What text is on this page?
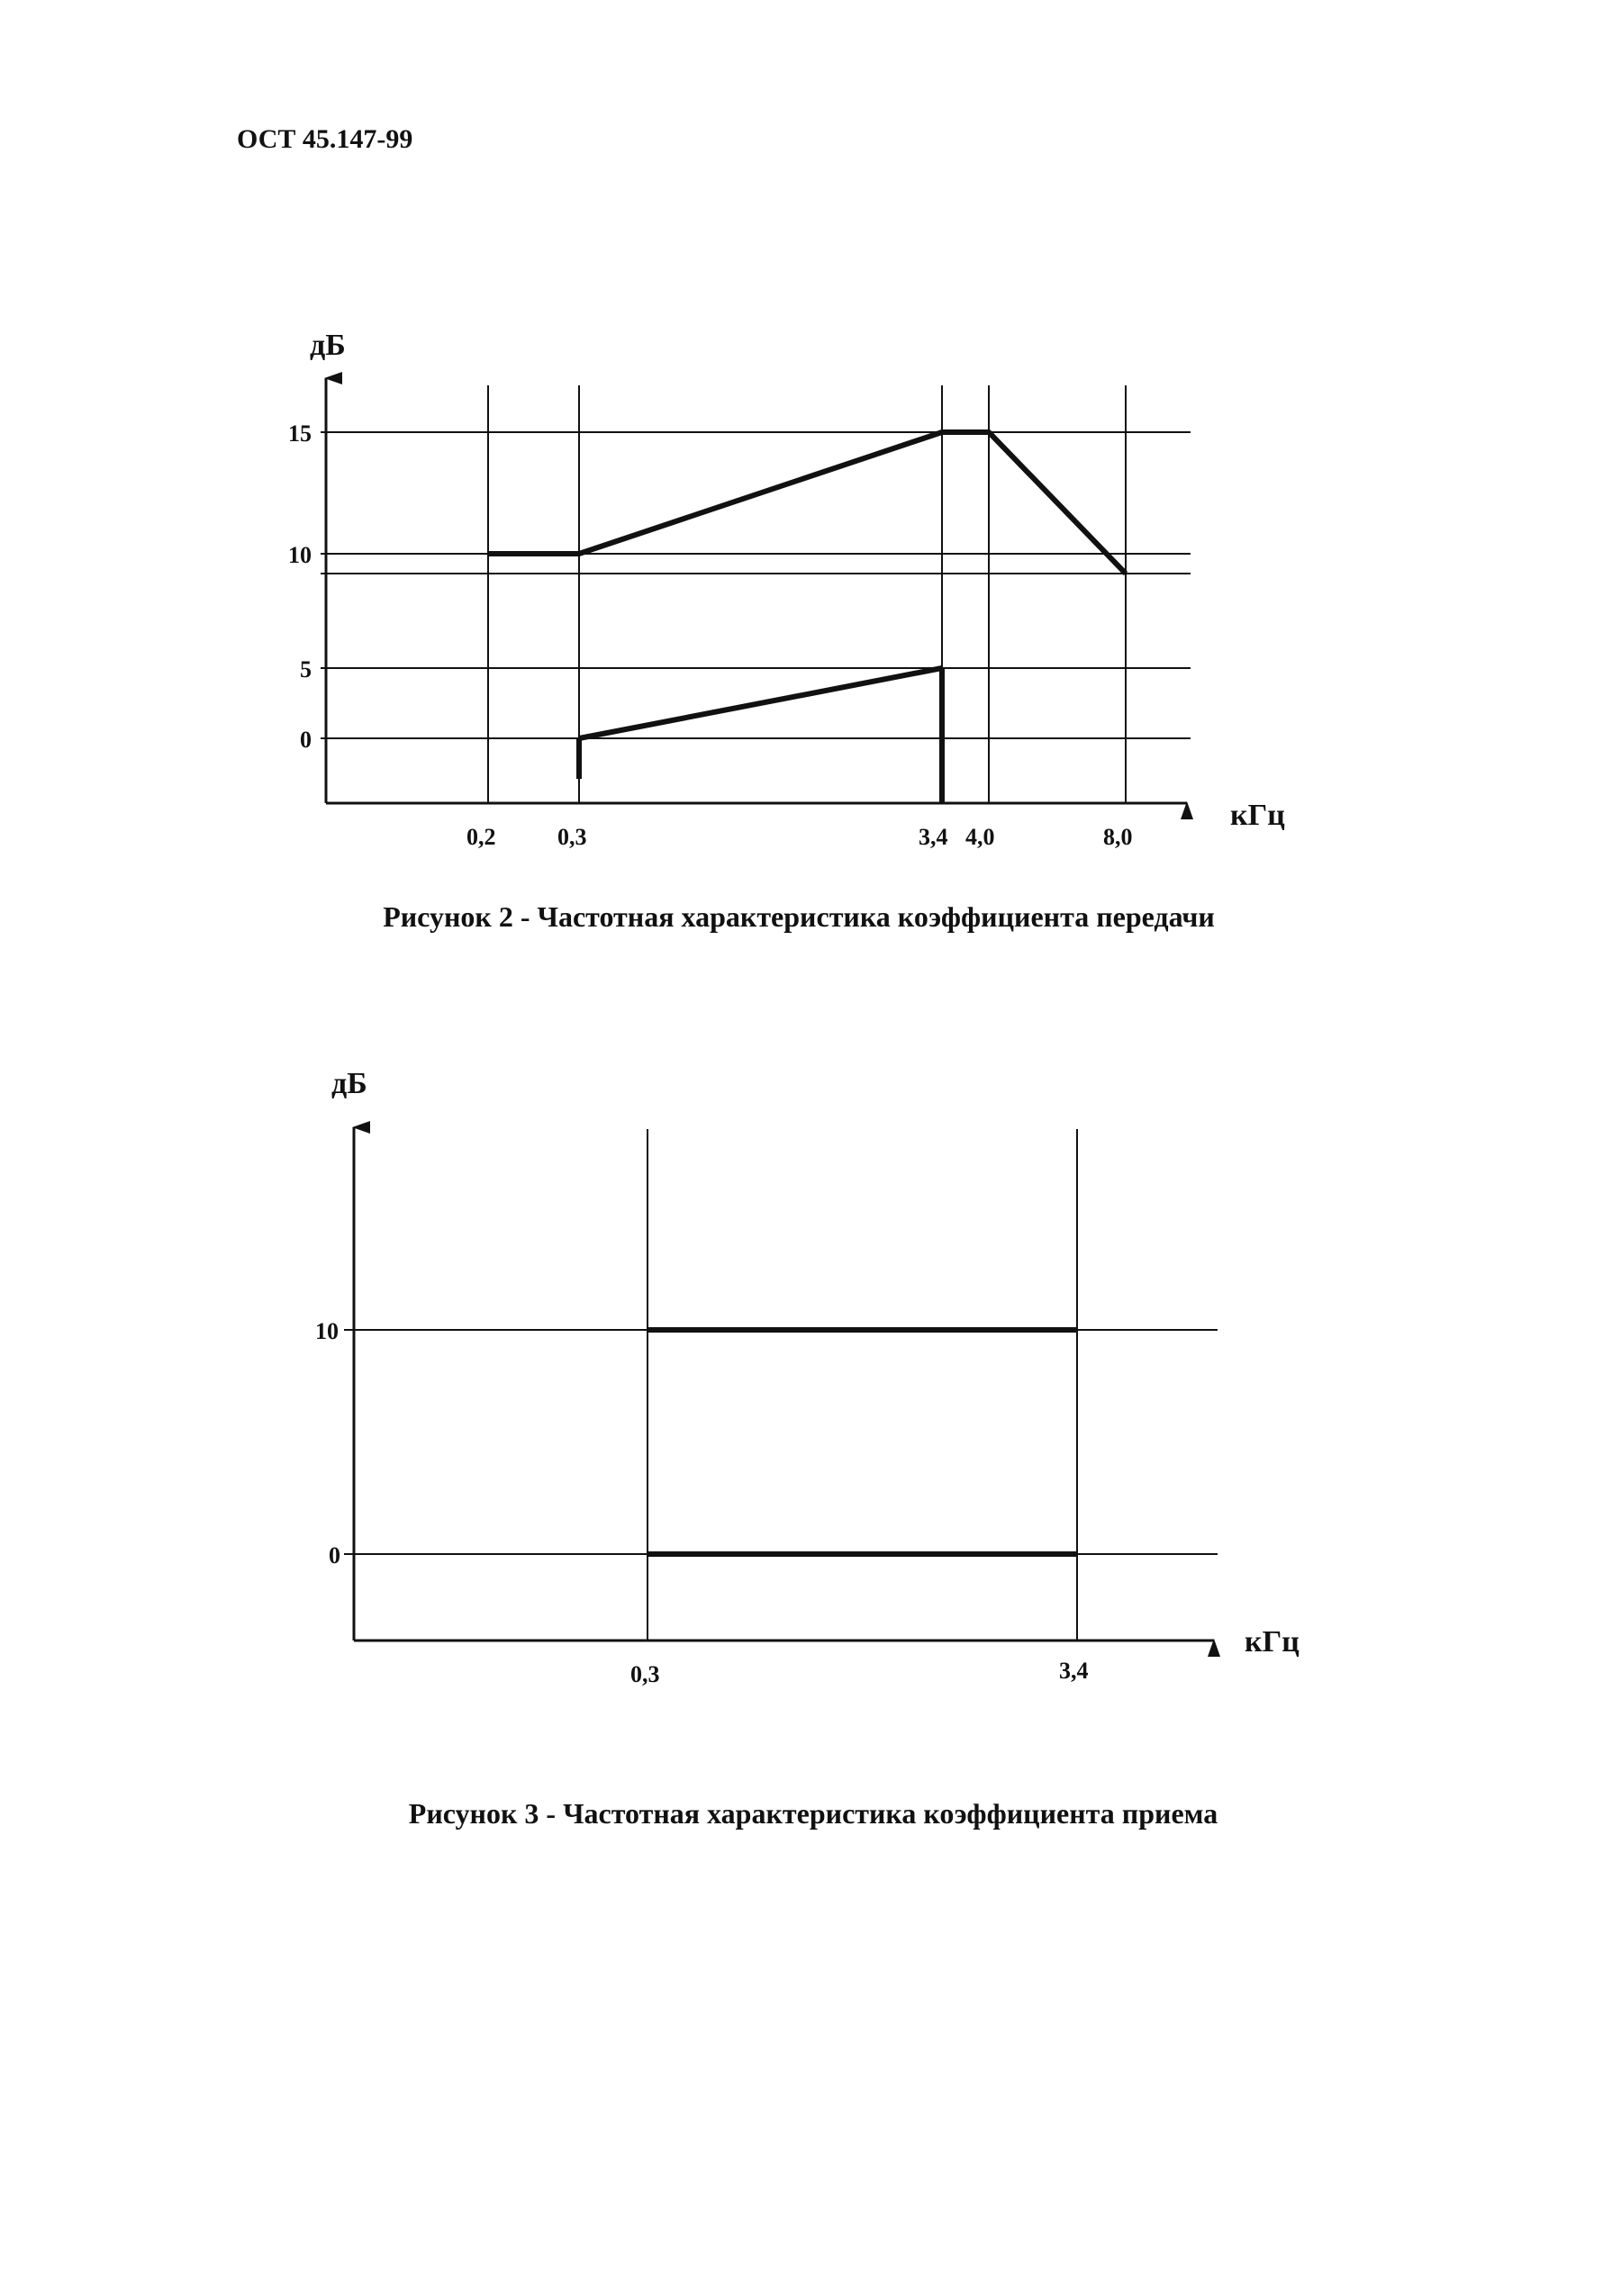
ОСТ 45.147-99
дБ
кГц
15
10
5
0
0,2	0,3	3,4 4,0	8,0
Рисунок 2 - Частотная характеристика коэффициента передачи
дБ
кГц
10
0
0,3	3,4
Рисунок 3 - Частотная характеристика коэффициента приема
